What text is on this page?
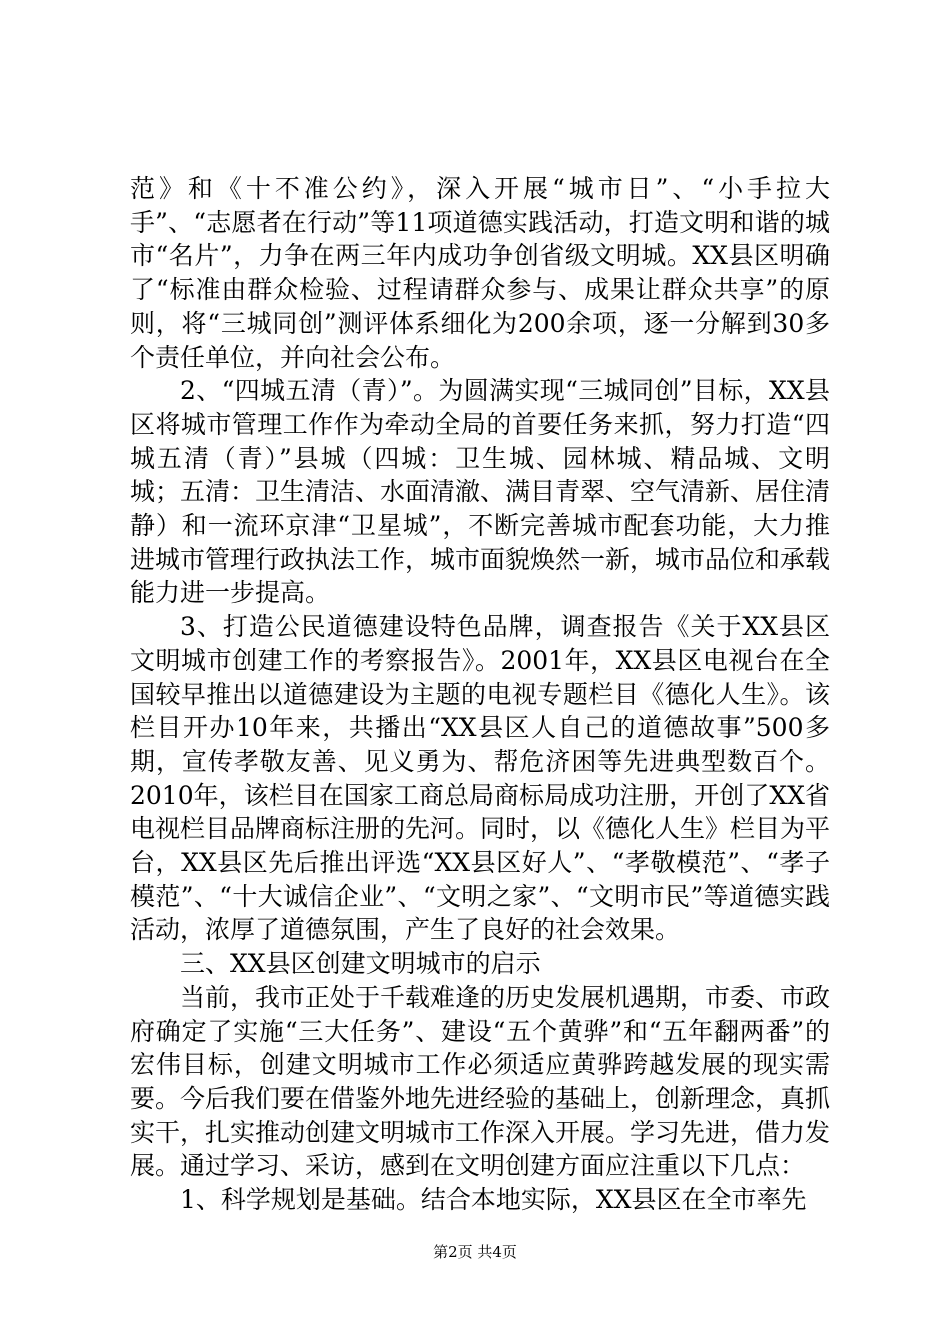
范》和《十不准公约》，深入开展“城市日”、“小手拉大手”、“志愿者在行动”等11项道德实践活动，打造文明和谐的城市“名片”，力争在两三年内成功争创省级文明城。XX县区明确了“标准由群众检验、过程请群众参与、成果让群众共享”的原则，将“三城同创”测评体系细化为200余项，逐一分解到30多个责任单位，并向社会公布。

2、“四城五清（青）”。为圆满实现“三城同创”目标，XX县区将城市管理工作作为牵动全局的首要任务来抓，努力打造“四城五清（青）”县城（四城：卫生城、园林城、精品城、文明城；五清：卫生清洁、水面清澈、满目青翠、空气清新、居住清静）和一流环京津“卫星城”，不断完善城市配套功能，大力推进城市管理行政执法工作，城市面貌焕然一新，城市品位和承载能力进一步提高。

3、打造公民道德建设特色品牌，调查报告《关于XX县区文明城市创建工作的考察报告》。2001年，XX县区电视台在全国较早推出以道德建设为主题的电视专题栏目《德化人生》。该栏目开办10年来，共播出“XX县区人自己的道德故事”500多期，宣传孝敬友善、见义勇为、帮危济困等先进典型数百个。2010年，该栏目在国家工商总局商标局成功注册，开创了XX省电视栏目品牌商标注册的先河。同时，以《德化人生》栏目为平台，XX县区先后推出评选“XX县区好人”、“孝敬模范”、“孝子模范”、“十大诚信企业”、“文明之家”、“文明市民”等道德实践活动，浓厚了道德氛围，产生了良好的社会效果。

三、XX县区创建文明城市的启示

当前，我市正处于千载难逢的历史发展机遇期，市委、市政府确定了实施“三大任务”、建设“五个黄骅”和“五年翻两番”的宏伟目标，创建文明城市工作必须适应黄骅跨越发展的现实需要。今后我们要在借鉴外地先进经验的基础上，创新理念，真抓实干，扎实推动创建文明城市工作深入开展。学习先进，借力发展。通过学习、采访，感到在文明创建方面应注重以下几点：

1、科学规划是基础。结合本地实际，XX县区在全市率先

第2页 共4页
